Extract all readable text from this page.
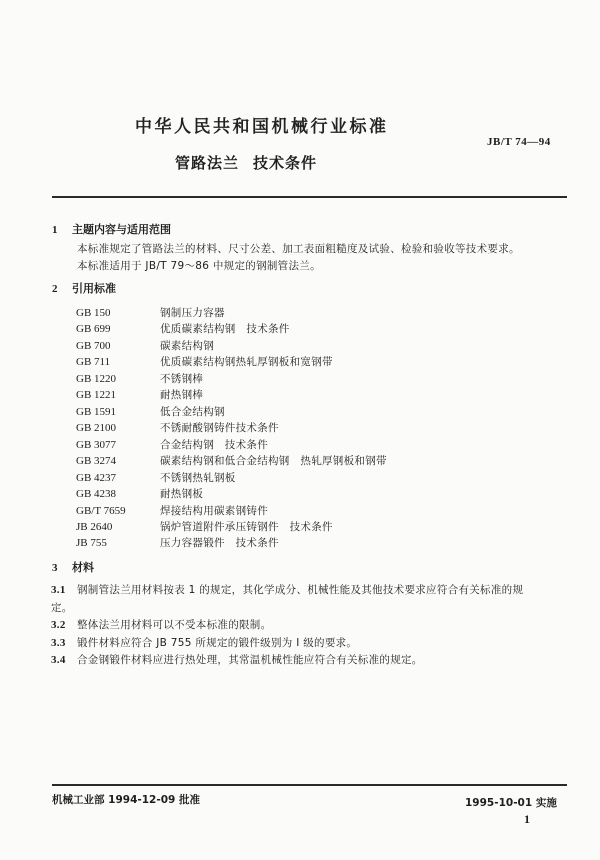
中华人民共和国机械行业标准
JB/T 74—94
管路法兰 技术条件
1 主题内容与适用范围
本标准规定了管路法兰的材料、尺寸公差、加工表面粗糙度及试验、检验和验收等技术要求。
本标准适用于 JB/T 79～86 中规定的钢制管法兰。
2 引用标准
GB 150	钢制压力容器
GB 699	优质碳素结构钢　技术条件
GB 700	碳素结构钢
GB 711	优质碳素结构钢热轧厚钢板和宽钢带
GB 1220	不锈钢棒
GB 1221	耐热钢棒
GB 1591	低合金结构钢
GB 2100	不锈耐酸钢铸件技术条件
GB 3077	合金结构钢　技术条件
GB 3274	碳素结构钢和低合金结构钢　热轧厚钢板和钢带
GB 4237	不锈钢热轧钢板
GB 4238	耐热钢板
GB/T 7659	焊接结构用碳素钢铸件
JB 2640	锅炉管道附件承压铸钢件　技术条件
JB 755	压力容器锻件　技术条件
3 材料
3.1 钢制管法兰用材料按表 1 的规定，其化学成分、机械性能及其他技术要求应符合有关标准的规
定。
3.2 整体法兰用材料可以不受本标准的限制。
3.3 锻件材料应符合 JB 755 所规定的锻件级别为 Ⅰ 级的要求。
3.4 合金钢锻件材料应进行热处理，其常温机械性能应符合有关标准的规定。
机械工业部 1994-12-09 批准	1995-10-01 实施
1
